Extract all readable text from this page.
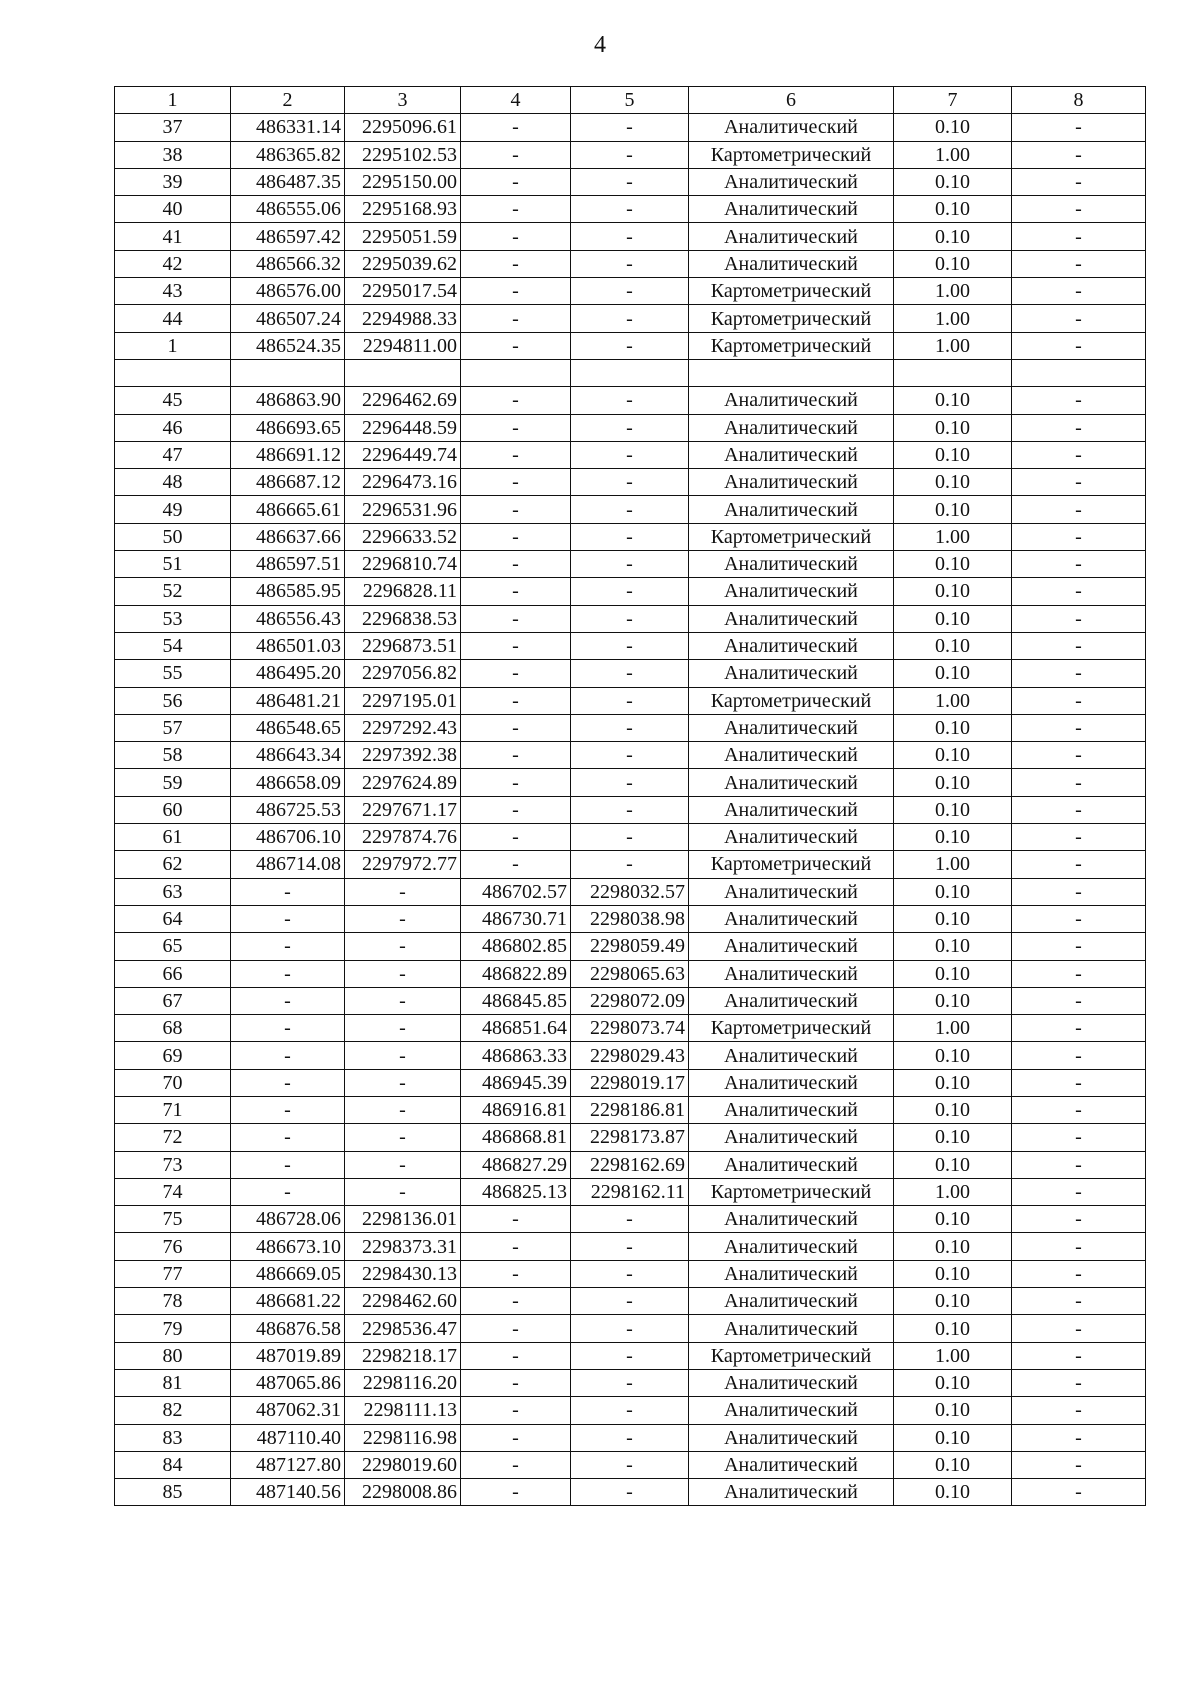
4
1	2	3	4	5	6	7	8
37	486331.14	2295096.61	-	-	Аналитический	0.10	-
38	486365.82	2295102.53	-	-	Картометрический	1.00	-
39	486487.35	2295150.00	-	-	Аналитический	0.10	-
40	486555.06	2295168.93	-	-	Аналитический	0.10	-
41	486597.42	2295051.59	-	-	Аналитический	0.10	-
42	486566.32	2295039.62	-	-	Аналитический	0.10	-
43	486576.00	2295017.54	-	-	Картометрический	1.00	-
44	486507.24	2294988.33	-	-	Картометрический	1.00	-
1	486524.35	2294811.00	-	-	Картометрический	1.00	-

45	486863.90	2296462.69	-	-	Аналитический	0.10	-
46	486693.65	2296448.59	-	-	Аналитический	0.10	-
47	486691.12	2296449.74	-	-	Аналитический	0.10	-
48	486687.12	2296473.16	-	-	Аналитический	0.10	-
49	486665.61	2296531.96	-	-	Аналитический	0.10	-
50	486637.66	2296633.52	-	-	Картометрический	1.00	-
51	486597.51	2296810.74	-	-	Аналитический	0.10	-
52	486585.95	2296828.11	-	-	Аналитический	0.10	-
53	486556.43	2296838.53	-	-	Аналитический	0.10	-
54	486501.03	2296873.51	-	-	Аналитический	0.10	-
55	486495.20	2297056.82	-	-	Аналитический	0.10	-
56	486481.21	2297195.01	-	-	Картометрический	1.00	-
57	486548.65	2297292.43	-	-	Аналитический	0.10	-
58	486643.34	2297392.38	-	-	Аналитический	0.10	-
59	486658.09	2297624.89	-	-	Аналитический	0.10	-
60	486725.53	2297671.17	-	-	Аналитический	0.10	-
61	486706.10	2297874.76	-	-	Аналитический	0.10	-
62	486714.08	2297972.77	-	-	Картометрический	1.00	-
63	-	-	486702.57	2298032.57	Аналитический	0.10	-
64	-	-	486730.71	2298038.98	Аналитический	0.10	-
65	-	-	486802.85	2298059.49	Аналитический	0.10	-
66	-	-	486822.89	2298065.63	Аналитический	0.10	-
67	-	-	486845.85	2298072.09	Аналитический	0.10	-
68	-	-	486851.64	2298073.74	Картометрический	1.00	-
69	-	-	486863.33	2298029.43	Аналитический	0.10	-
70	-	-	486945.39	2298019.17	Аналитический	0.10	-
71	-	-	486916.81	2298186.81	Аналитический	0.10	-
72	-	-	486868.81	2298173.87	Аналитический	0.10	-
73	-	-	486827.29	2298162.69	Аналитический	0.10	-
74	-	-	486825.13	2298162.11	Картометрический	1.00	-
75	486728.06	2298136.01	-	-	Аналитический	0.10	-
76	486673.10	2298373.31	-	-	Аналитический	0.10	-
77	486669.05	2298430.13	-	-	Аналитический	0.10	-
78	486681.22	2298462.60	-	-	Аналитический	0.10	-
79	486876.58	2298536.47	-	-	Аналитический	0.10	-
80	487019.89	2298218.17	-	-	Картометрический	1.00	-
81	487065.86	2298116.20	-	-	Аналитический	0.10	-
82	487062.31	2298111.13	-	-	Аналитический	0.10	-
83	487110.40	2298116.98	-	-	Аналитический	0.10	-
84	487127.80	2298019.60	-	-	Аналитический	0.10	-
85	487140.56	2298008.86	-	-	Аналитический	0.10	-
